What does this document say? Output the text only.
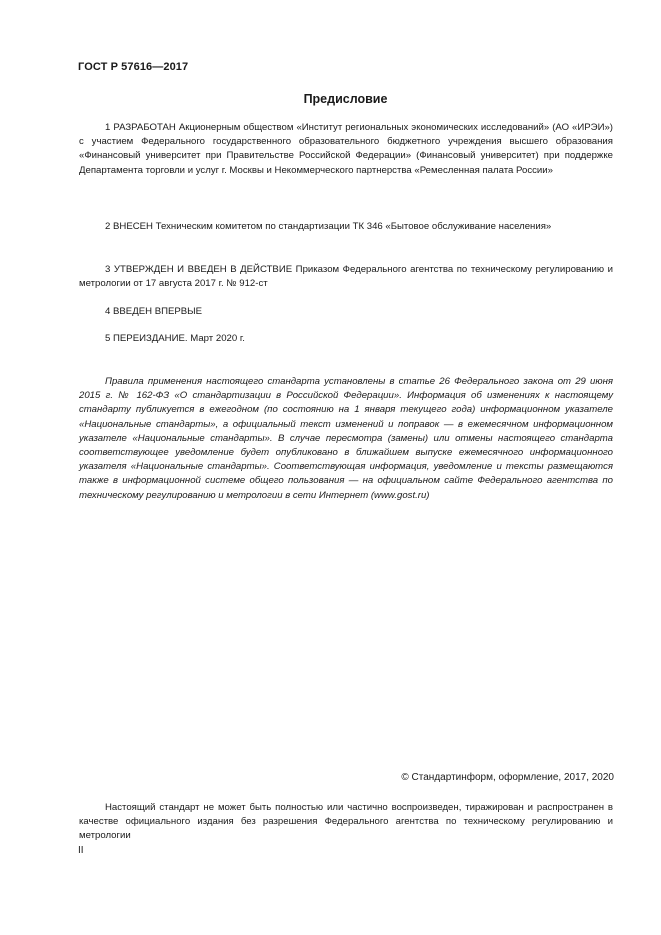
ГОСТ Р 57616—2017
Предисловие

1 РАЗРАБОТАН Акционерным обществом «Институт региональных экономических исследований» (АО «ИРЭИ») с участием Федерального государственного образовательного бюджетного учреждения высшего образования «Финансовый университет при Правительстве Российской Федерации» (Финансовый университет) при поддержке Департамента торговли и услуг г. Москвы и Некоммерческого партнерства «Ремесленная палата России»

2 ВНЕСЕН Техническим комитетом по стандартизации ТК 346 «Бытовое обслуживание населения»

3 УТВЕРЖДЕН И ВВЕДЕН В ДЕЙСТВИЕ Приказом Федерального агентства по техническому регулированию и метрологии от 17 августа 2017 г. № 912-ст

4 ВВЕДЕН ВПЕРВЫЕ

5 ПЕРЕИЗДАНИЕ. Март 2020 г.

Правила применения настоящего стандарта установлены в статье 26 Федерального закона от 29 июня 2015 г. № 162-ФЗ «О стандартизации в Российской Федерации». Информация об изменениях к настоящему стандарту публикуется в ежегодном (по состоянию на 1 января текущего года) информационном указателе «Национальные стандарты», а официальный текст изменений и поправок — в ежемесячном информационном указателе «Национальные стандарты». В случае пересмотра (замены) или отмены настоящего стандарта соответствующее уведомление будет опубликовано в ближайшем выпуске ежемесячного информационного указателя «Национальные стандарты». Соответствующая информация, уведомление и тексты размещаются также в информационной системе общего пользования — на официальном сайте Федерального агентства по техническому регулированию и метрологии в сети Интернет (www.gost.ru)

© Стандартинформ, оформление, 2017, 2020

Настоящий стандарт не может быть полностью или частично воспроизведен, тиражирован и распространен в качестве официального издания без разрешения Федерального агентства по техническому регулированию и метрологии

II
